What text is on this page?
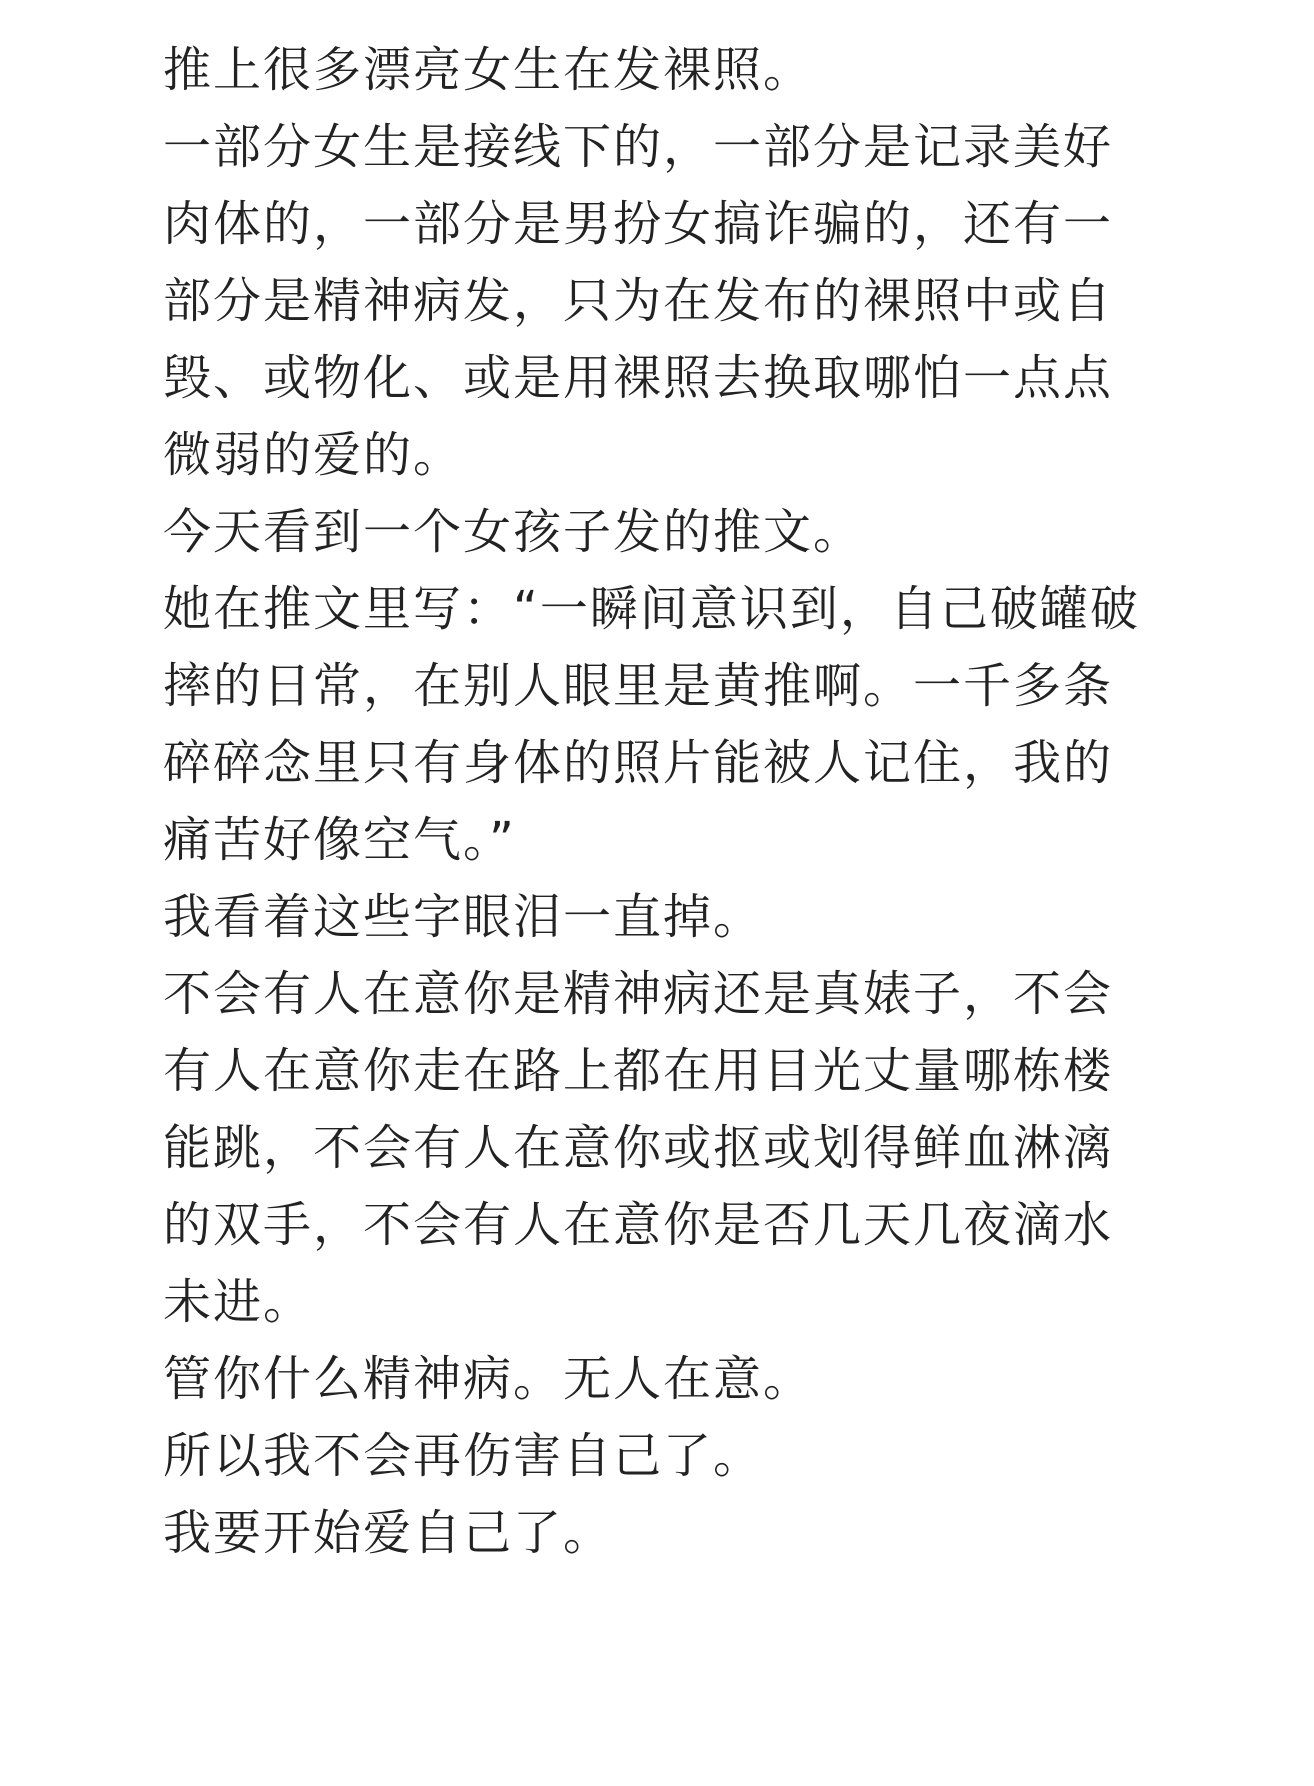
推上很多漂亮女生在发裸照。
一部分女生是接线下的，一部分是记录美好
肉体的，一部分是男扮女搞诈骗的，还有一
部分是精神病发，只为在发布的裸照中或自
毁、或物化、或是用裸照去换取哪怕一点点
微弱的爱的。
今天看到一个女孩子发的推文。
她在推文里写：“一瞬间意识到，自己破罐破
摔的日常，在别人眼里是黄推啊。一千多条
碎碎念里只有身体的照片能被人记住，我的
痛苦好像空气。”
我看着这些字眼泪一直掉。
不会有人在意你是精神病还是真婊子，不会
有人在意你走在路上都在用目光丈量哪栋楼
能跳，不会有人在意你或抠或划得鲜血淋漓
的双手，不会有人在意你是否几天几夜滴水
未进。
管你什么精神病。无人在意。
所以我不会再伤害自己了。
我要开始爱自己了。
